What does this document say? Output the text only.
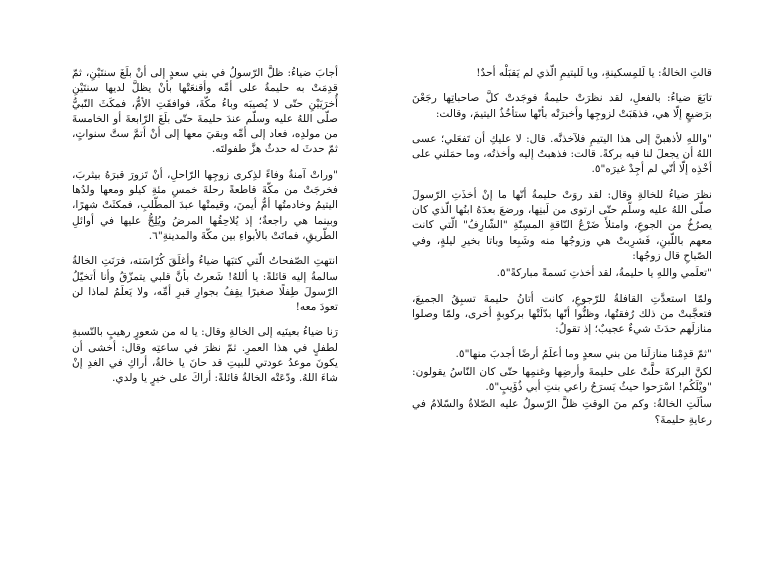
قالتِ الخالةُ: يا لَلمِسكينةِ، ويا لَليتيمِ الّذي لم يَقبَلْه أحدٌ!

تابَعَ ضياءُ: بالفعلِ، لقد نظرَتْ حليمةُ فوجَدتْ كلَّ صاحباتِها رجَعْنَ برَضيعٍ إلّا هي، فذهَبَتْ لزوجِها وأخبرَتْه بأنّها ستأخُذُ اليتيمَ، وقالت:

"واللهِ لأذهبنَّ إلى هذا اليتيمِ فلآخذنَّه. قال: لا عليكِ أن تَفعَلي؛ عسى اللهُ أن يجعلَ لنا فيه بركةً. قالت: فذهبتُ إليه وأخذتُه، وما حمَلني على أخْذِه إلّا أنّي لم أجِدْ غيرَه"٥.

نظرَ ضياءُ للخالةِ وقال: لقد روَتْ حليمةُ أنّها ما إنْ أخذَتِ الرّسولَ صلّى اللهُ عليه وسلّم حتّى ارتوى من لَبنِها، ورضعَ بعدَهُ ابنُها الّذي كان يصرُخُ من الجوعِ، وامتلأَ ضَرْعُ النّاقةِ المسِنّةِ "الشّارِفُ" الّتي كانت معهم باللّبنِ، فَشرِبتْ هي وزوجُها منه وشَبِعا وباتا بخيرِ ليلةٍ، وفي الصّباحِ قال زوجُها:

"تعلَمي واللهِ يا حليمةُ، لقد أخذتِ نَسمةً مباركةً"٥.

ولمّا استعدَّتِ القافلةُ للرّجوعِ، كانت أتانُ حليمةَ تسبِقُ الجميعَ، فتعجَّبتْ من ذلك رُفقتُها، وظنُّوا أنّها بدّلَتْها بركوبةٍ أخرى، ولمّا وصلوا منازلَهم حدَثَ شيءٌ عجيبٌ؛ إذ تقولُ:

"ثمّ قدِمْنا منازلَنا من بني سعدٍ وما أعلَمُ أرضًا أجدبَ منها"٥.

لكنَّ البركةَ حلَّتْ على حليمةَ وأرضِها وغنمِها حتّى كان النّاسُ يقولون: "ويْلَكُم! اسْرَحوا حيثُ يَسرَحُ راعي بنتِ أبي ذُؤَيبٍ"٥.

سألَتِ الخالةُ: وكم منَ الوقتِ ظلَّ الرّسولُ عليه الصّلاةُ والسّلامُ في رعايةِ حليمةَ؟

أجابَ ضياءُ: ظلَّ الرّسولُ في بني سعدٍ إلى أنْ بلَغَ سنتَيْنِ، ثمّ قدِمَتْ به حليمةُ على أمِّه وأقنعَتْها بأنْ يظلَّ لديها سنتَيْنِ أُخرَيَيْنِ حتّى لا يُصيبَه وباءُ مكّةَ، فوافقَتِ الأمُّ، فمكَثَ النّبيُّ صلّى اللهُ عليه وسلّم عندَ حليمةَ حتّى بلَغَ الرّابعةَ أو الخامسةَ من مولدِه، فعاد إلى أمِّه وبقيَ معها إلى أنْ أتمَّ ستَّ سنواتٍ، ثمّ حدثَ له حدثٌ هزَّ طفولتَه.

"وراتْ آمنةُ وفاءً لذِكرى زوجِها الرّاحلِ، أنْ تَزورَ قبرَهُ بيثربَ، فخرجَتْ من مكّةَ قاطعةً رحلةَ خمسِ مئةِ كيلو ومعها ولدُها اليتيمُ وخادمتُها أمُّ أيمنَ، وقيمتْها عبدَ المطّلبِ، فمكثَتْ شهرًا، وبينما هي راجعةٌ؛ إذ يُلاحِقُها المرضُ ويُلِحُّ عليها في أوائلِ الطّريقِ، فماتَتْ بالأبواءِ بين مكّةَ والمدينةِ"٦.

انتهتِ الصّفحاتُ الّتي كتبَها ضياءُ وأغلَقَ كُرّاسَته، فرَنَتِ الخالةُ سالمةُ إليه قائلةً: يا أللهُ! شَعرتُ بأنَّ قلبي يتمزّقُ وأنا أتخيّلُ الرّسولَ طِفلًا صغيرًا يقِفُ بجوارِ قبرِ أمِّه، ولا يَعلَمُ لماذا لن تعودَ معه!

رَنا ضياءُ بعينَيه إلى الخالةِ وقال: يا له من شعورٍ رهيبٍ بالنّسبةِ لطفلٍ في هذا العمرِ. ثمّ نظرَ في ساعتِه وقال: أخشى أن يكونَ موعدُ عودتي للبيتِ قد حانَ يا خالةُ، أراكِ في الغدِ إنْ شاءَ اللهُ. ودّعَتْه الخالةُ قائلةً: أراكَ على خيرٍ يا ولدي.
